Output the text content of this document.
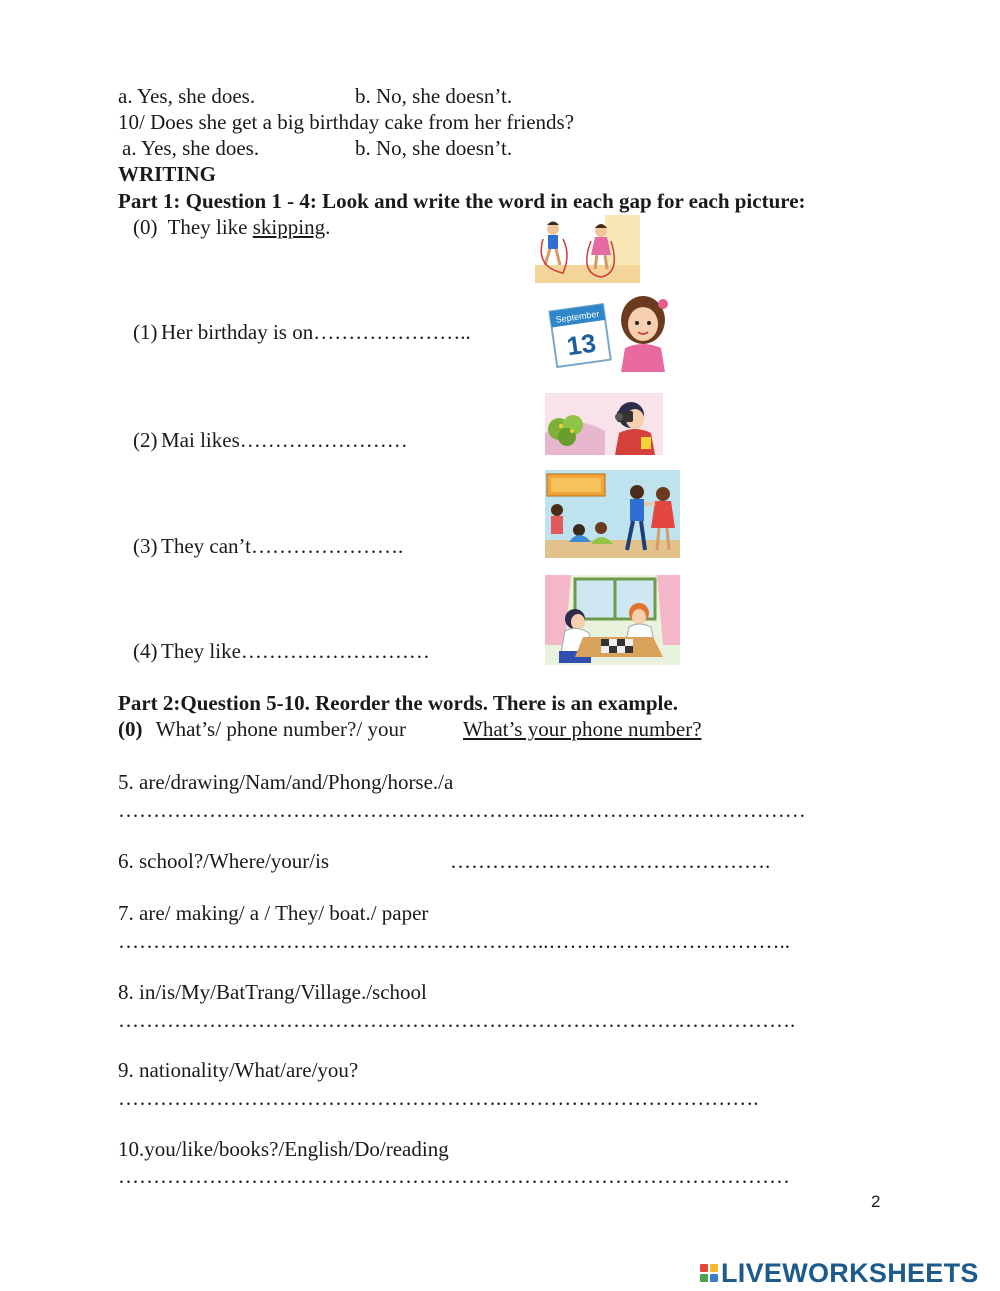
a. Yes, she does.	b. No, she doesn’t.
10/ Does she get a big birthday cake from her friends?
a. Yes, she does.	b. No, she doesn’t.
WRITING
Part 1: Question 1 - 4: Look and write the word in each gap for each picture:
(0)  They like skipping.
(1) Her birthday is on…………………..
September
13
(2) Mai likes……………………
(3) They can’t………………….
(4) They like………………………
Part 2:Question 5-10. Reorder the words. There is an example.
(0) What’s/ phone number?/ your	What’s your phone number?
5. are/drawing/Nam/and/Phong/horse./a
……………………………………………………...………………………………
6. school?/Where/your/is	……………………………………….
7. are/ making/ a / They/ boat./ paper
……………………………………………………..……………………………..
8. in/is/My/BatTrang/Village./school
…………………………………………………………………………………….
9. nationality/What/are/you?
……………………………………………….……………………………….
10.you/like/books?/English/Do/reading
……………………………………………………………………………………
2
LIVEWORKSHEETS
